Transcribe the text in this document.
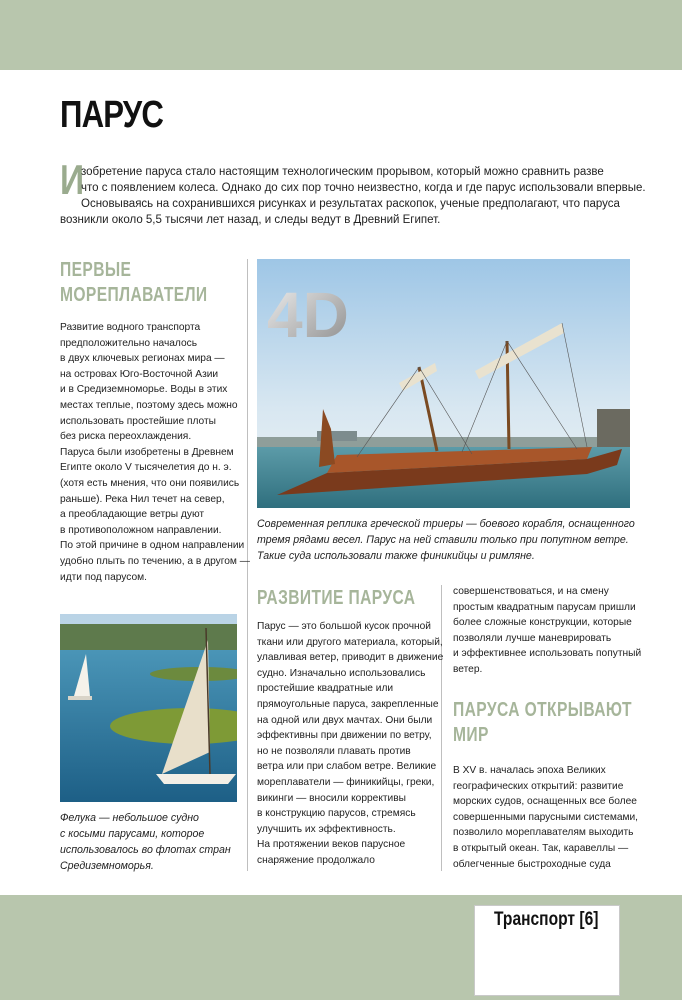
ПАРУС
И
зобретение паруса стало настоящим технологическим прорывом, который можно сравнить разве
что с появлением колеса. Однако до сих пор точно неизвестно, когда и где парус использовали впервые.
Основываясь на сохранившихся рисунках и результатах раскопок, ученые предполагают, что паруса
возникли около 5,5 тысячи лет назад, и следы ведут в Древний Египет.
ПЕРВЫЕ
МОРЕПЛАВАТЕЛИ
Развитие водного транспорта
предположительно началось
в двух ключевых регионах мира —
на островах Юго-Восточной Азии
и в Средиземноморье. Воды в этих
местах теплые, поэтому здесь можно
использовать простейшие плоты
без риска переохлаждения.
Паруса были изобретены в Древнем
Египте около V тысячелетия до н. э.
(хотя есть мнения, что они появились
раньше). Река Нил течет на север,
а преобладающие ветры дуют
в противоположном направлении.
По этой причине в одном направлении
удобно плыть по течению, а в другом —
идти под парусом.
4D
Современная реплика греческой триеры — боевого корабля, оснащенного
тремя рядами весел. Парус на ней ставили только при попутном ветре.
Такие суда использовали также финикийцы и римляне.
Фелука — небольшое судно
с косыми парусами, которое
использовалось во флотах стран
Средиземноморья.
РАЗВИТИЕ ПАРУСА
Парус — это большой кусок прочной
ткани или другого материала, который,
улавливая ветер, приводит в движение
судно. Изначально использовались
простейшие квадратные или
прямоугольные паруса, закрепленные
на одной или двух мачтах. Они были
эффективны при движении по ветру,
но не позволяли плавать против
ветра или при слабом ветре. Великие
мореплаватели — финикийцы, греки,
викинги — вносили коррективы
в конструкцию парусов, стремясь
улучшить их эффективность.
На протяжении веков парусное
снаряжение продолжало
совершенствоваться, и на смену
простым квадратным парусам пришли
более сложные конструкции, которые
позволяли лучше маневрировать
и эффективнее использовать попутный
ветер.
ПАРУСА ОТКРЫВАЮТ
МИР
В XV в. началась эпоха Великих
географических открытий: развитие
морских судов, оснащенных все более
совершенными парусными системами,
позволило мореплавателям выходить
в открытый океан. Так, каравеллы —
облегченные быстроходные суда
Транспорт [6]
